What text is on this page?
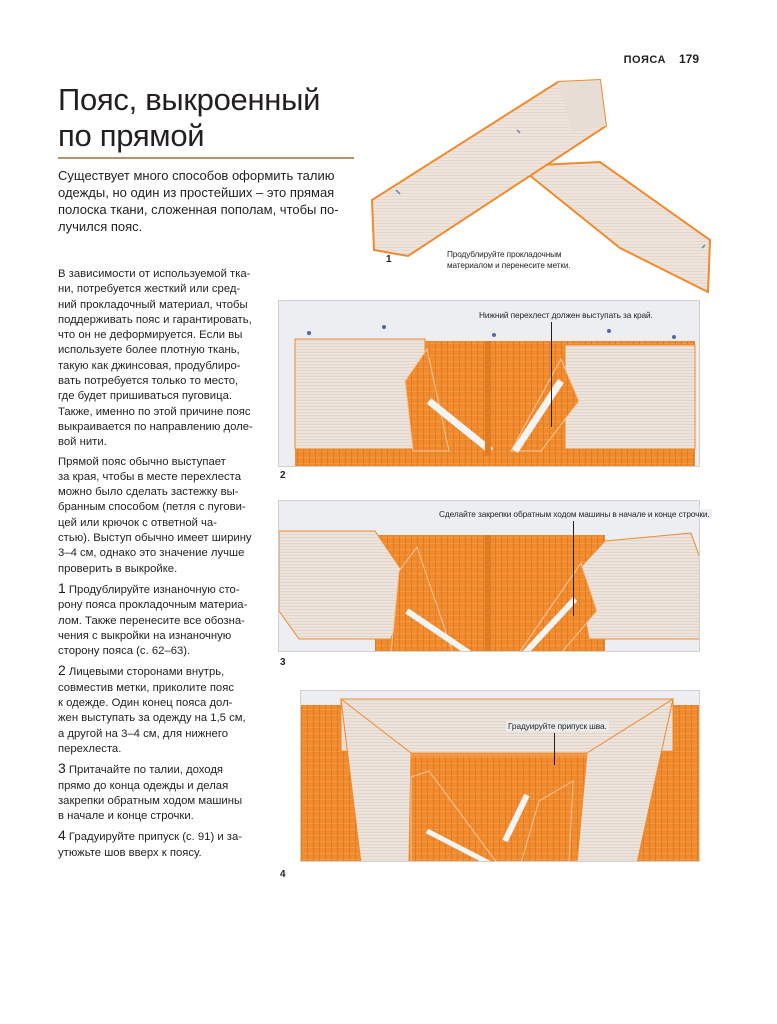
ПОЯСА 179
Пояс, выкроенный
по прямой
Существует много способов оформить талию
одежды, но один из простейших – это прямая
полоска ткани, сложенная пополам, чтобы по-
лучился пояс.
В зависимости от используемой тка-
ни, потребуется жесткий или сред-
ний прокладочный материал, чтобы
поддерживать пояс и гарантировать,
что он не деформируется. Если вы
используете более плотную ткань,
такую как джинсовая, продублиро-
вать потребуется только то место,
где будет пришиваться пуговица.
Также, именно по этой причине пояс
выкраивается по направлению доле-
вой нити.
Прямой пояс обычно выступает
за края, чтобы в месте перехлеста
можно было сделать застежку вы-
бранным способом (петля с пугови-
цей или крючок с ответной ча-
стью). Выступ обычно имеет ширину
3–4 см, однако это значение лучше
проверить в выкройке.
1 Продублируйте изнаночную сто-
рону пояса прокладочным материа-
лом. Также перенесите все обозна-
чения с выкройки на изнаночную
сторону пояса (с. 62–63).
2 Лицевыми сторонами внутрь,
совместив метки, приколите пояс
к одежде. Один конец пояса дол-
жен выступать за одежду на 1,5 см,
а другой на 3–4 см, для нижнего
перехлеста.
3 Притачайте по талии, доходя
прямо до конца одежды и делая
закрепки обратным ходом машины
в начале и конце строчки.
4 Градуируйте припуск (с. 91) и за-
утюжьте шов вверх к поясу.
1	Продублируйте прокладочным
материалом и перенесите метки.
Нижний перехлест должен выступать за край.
2
Сделайте закрепки обратным ходом машины в начале и конце строчки.
3
Градуируйте припуск шва.
4
